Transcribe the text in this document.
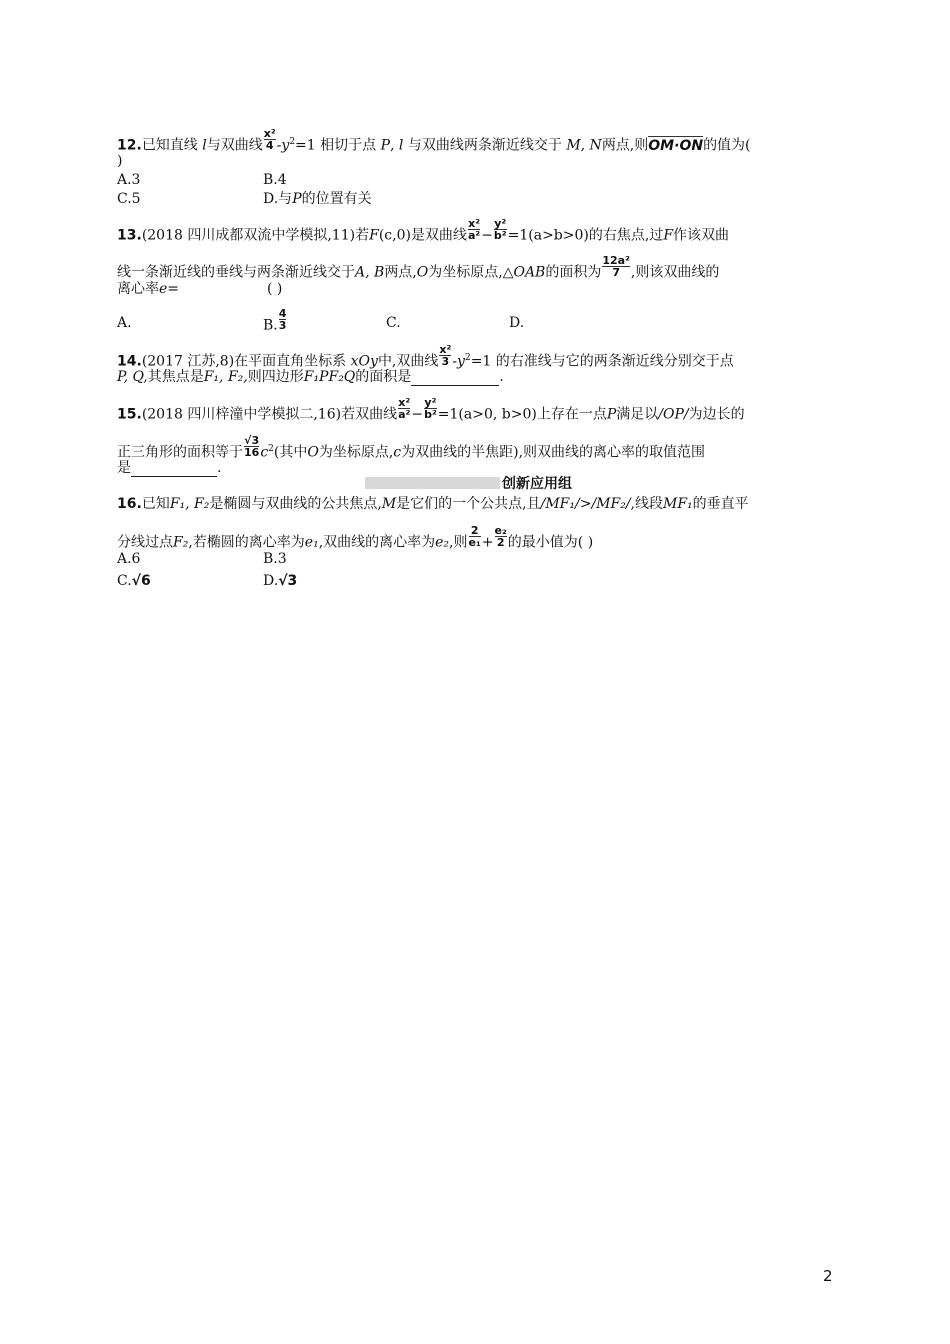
12.已知直线 l与双曲线 $\frac{\text{x²}}{4} -y^2=1$ 相切于点 P, l 与双曲线两条渐近线交于 M, N两点,则OM·ON的值为(
)
A.3	B.4
C.5	D.与P的位置有关
13.(2018 四川成都双流中学模拟,11)若F(c,0)是双曲线 $\frac{\text{x²}}{\text{a²}} - \frac{\text{y²}}{\text{b²}} =1(a>b>0)$的右焦点,过F作该双曲
线一条渐近线的垂线与两条渐近线交于A, B两点,O为坐标原点,△OAB的面积为 $\frac{\text{12a²}}{7}$ ,则该双曲线的
离心率e=	( )
A.	B. $\frac{4}{3}$	C.	D.
14.(2017 江苏,8)在平面直角坐标系 xOy中,双曲线 $\frac{\text{x²}}{3} -y^2=1$ 的右准线与它的两条渐近线分别交于点
P, Q,其焦点是F₁, F₂,则四边形F₁PF₂Q的面积是	.
15.(2018 四川梓潼中学模拟二,16)若双曲线 $\frac{\text{x²}}{\text{a²}} - \frac{\text{y²}}{\text{b²}} =1(a>0$, b>0)上存在一点P满足以/OP/为边长的
正三角形的面积等于 $\frac{√3}{16} c^2$(其中O为坐标原点,c为双曲线的半焦距),则双曲线的离心率的取值范围
是	.
创新应用组
16.已知F₁, F₂是椭圆与双曲线的公共焦点,M是它们的一个公共点,且/MF₁/>/MF₂/,线段MF₁的垂直平
分线过点F₂,若椭圆的离心率为e₁,双曲线的离心率为e₂,则 $\frac{2}{\text{e₁}} + \frac{\text{e₂}}{2}$ 的最小值为( )
A.6	B.3
C.√6	D.√3
2
